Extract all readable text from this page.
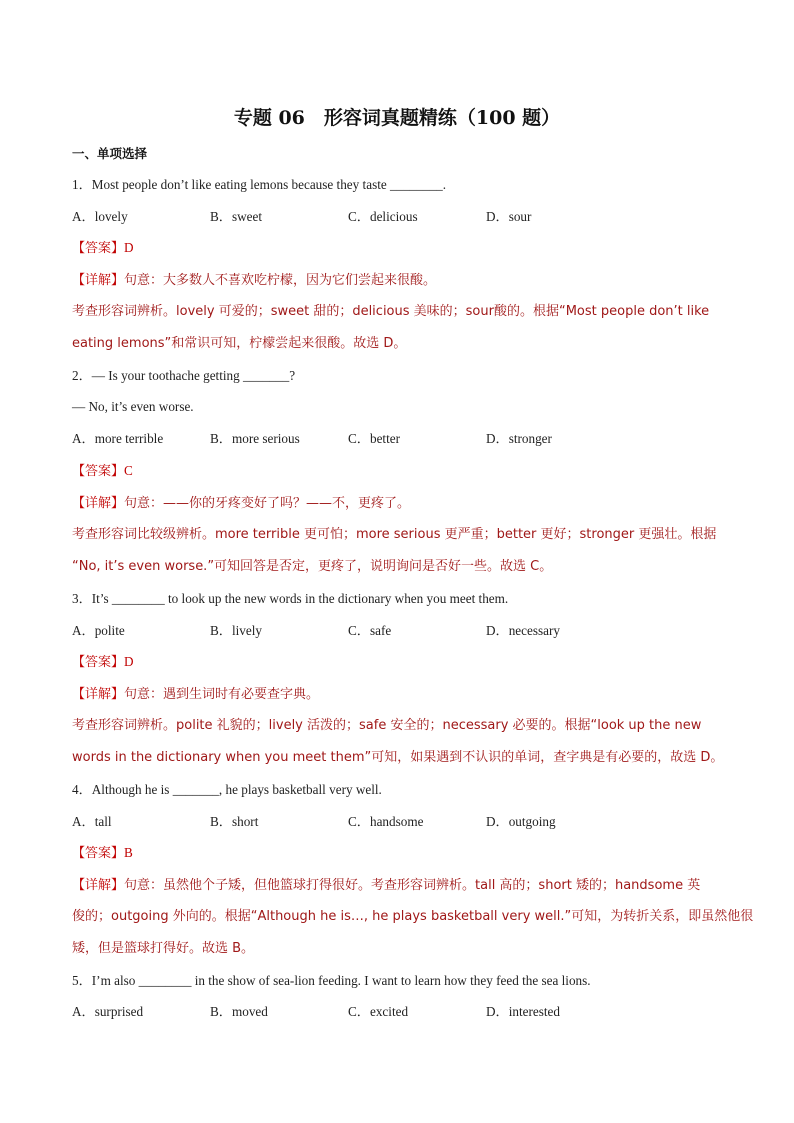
专题 06　形容词真题精练（100 题）
一、单项选择
1．Most people don’t like eating lemons because they taste ________.
A．lovely	B．sweet	C．delicious	D．sour
【答案】D
【详解】句意：大多数人不喜欢吃柠檬，因为它们尝起来很酸。
考查形容词辨析。lovely 可爱的；sweet 甜的；delicious 美味的；sour酸的。根据“Most people don’t like
eating lemons”和常识可知，柠檬尝起来很酸。故选 D。
2．— Is your toothache getting _______?
— No, it’s even worse.
A．more terrible	B．more serious	C．better	D．stronger
【答案】C
【详解】句意：——你的牙疼变好了吗？——不，更疼了。
考查形容词比较级辨析。more terrible 更可怕；more serious 更严重；better 更好；stronger 更强壮。根据
“No, it’s even worse.”可知回答是否定，更疼了，说明询问是否好一些。故选 C。
3．It’s ________ to look up the new words in the dictionary when you meet them.
A．polite	B．lively	C．safe	D．necessary
【答案】D
【详解】句意：遇到生词时有必要查字典。
考查形容词辨析。polite 礼貌的；lively 活泼的；safe 安全的；necessary 必要的。根据“look up the new
words in the dictionary when you meet them”可知，如果遇到不认识的单词，查字典是有必要的，故选 D。
4．Although he is _______, he plays basketball very well.
A．tall	B．short	C．handsome	D．outgoing
【答案】B
【详解】句意：虽然他个子矮，但他篮球打得很好。考查形容词辨析。tall 高的；short 矮的；handsome 英
俊的；outgoing 外向的。根据“Although he is…, he plays basketball very well.”可知，为转折关系，即虽然他很
矮，但是篮球打得好。故选 B。
5．I’m also ________ in the show of sea-lion feeding. I want to learn how they feed the sea lions.
A．surprised	B．moved	C．excited	D．interested
